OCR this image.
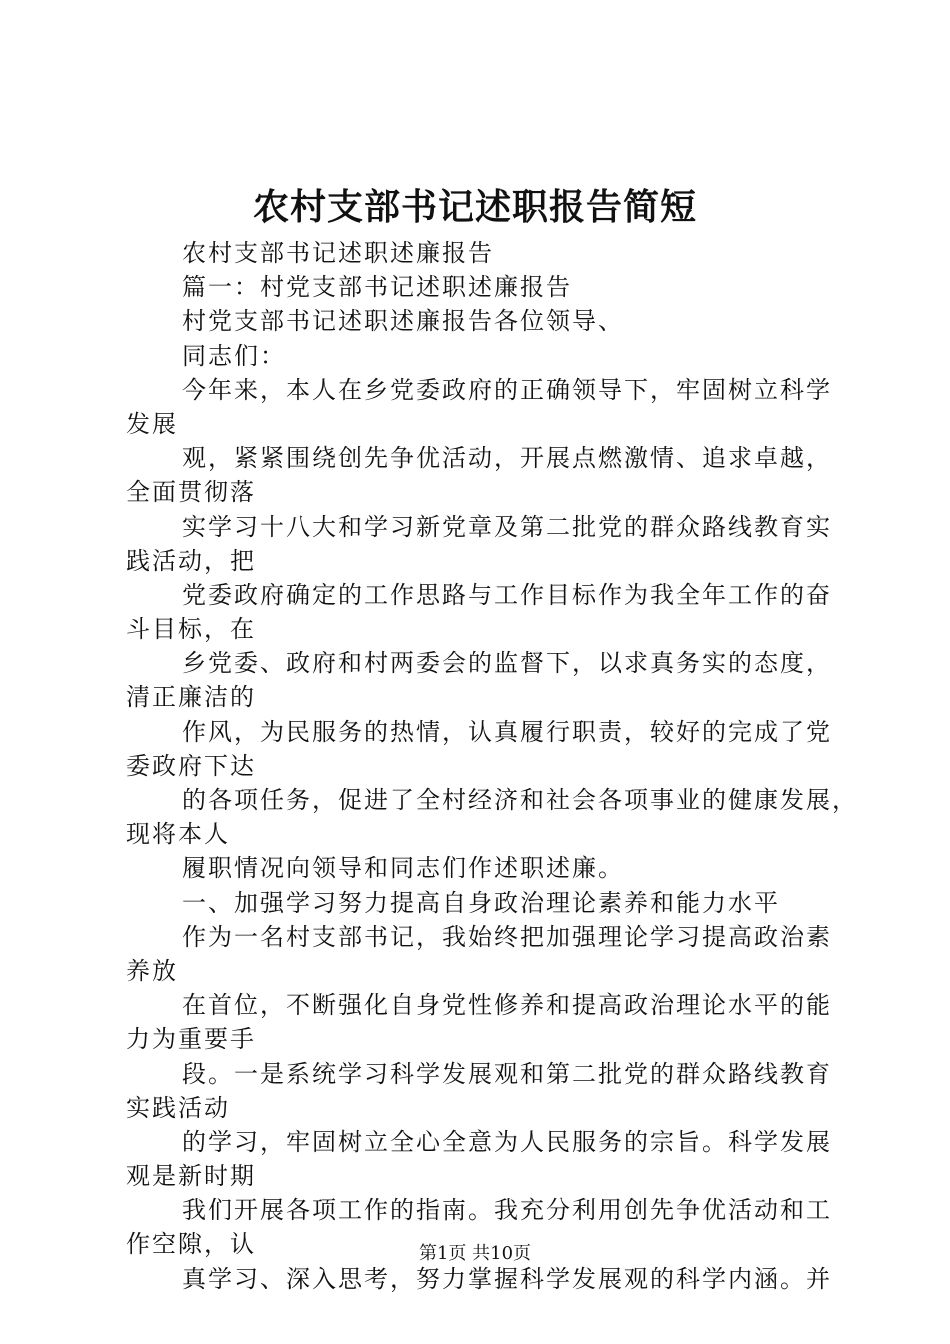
农村支部书记述职报告简短
农村支部书记述职述廉报告
篇一：村党支部书记述职述廉报告
村党支部书记述职述廉报告各位领导、
同志们：
今年来，本人在乡党委政府的正确领导下，牢固树立科学
发展
观，紧紧围绕创先争优活动，开展点燃激情、追求卓越，
全面贯彻落
实学习十八大和学习新党章及第二批党的群众路线教育实
践活动，把
党委政府确定的工作思路与工作目标作为我全年工作的奋
斗目标，在
乡党委、政府和村两委会的监督下，以求真务实的态度，
清正廉洁的
作风，为民服务的热情，认真履行职责，较好的完成了党
委政府下达
的各项任务，促进了全村经济和社会各项事业的健康发展，
现将本人
履职情况向领导和同志们作述职述廉。
一、加强学习努力提高自身政治理论素养和能力水平
作为一名村支部书记，我始终把加强理论学习提高政治素
养放
在首位，不断强化自身党性修养和提高政治理论水平的能
力为重要手
段。一是系统学习科学发展观和第二批党的群众路线教育
实践活动
的学习，牢固树立全心全意为人民服务的宗旨。科学发展
观是新时期
我们开展各项工作的指南。我充分利用创先争优活动和工
作空隙，认
真学习、深入思考，努力掌握科学发展观的科学内涵。并
第1页 共10页
